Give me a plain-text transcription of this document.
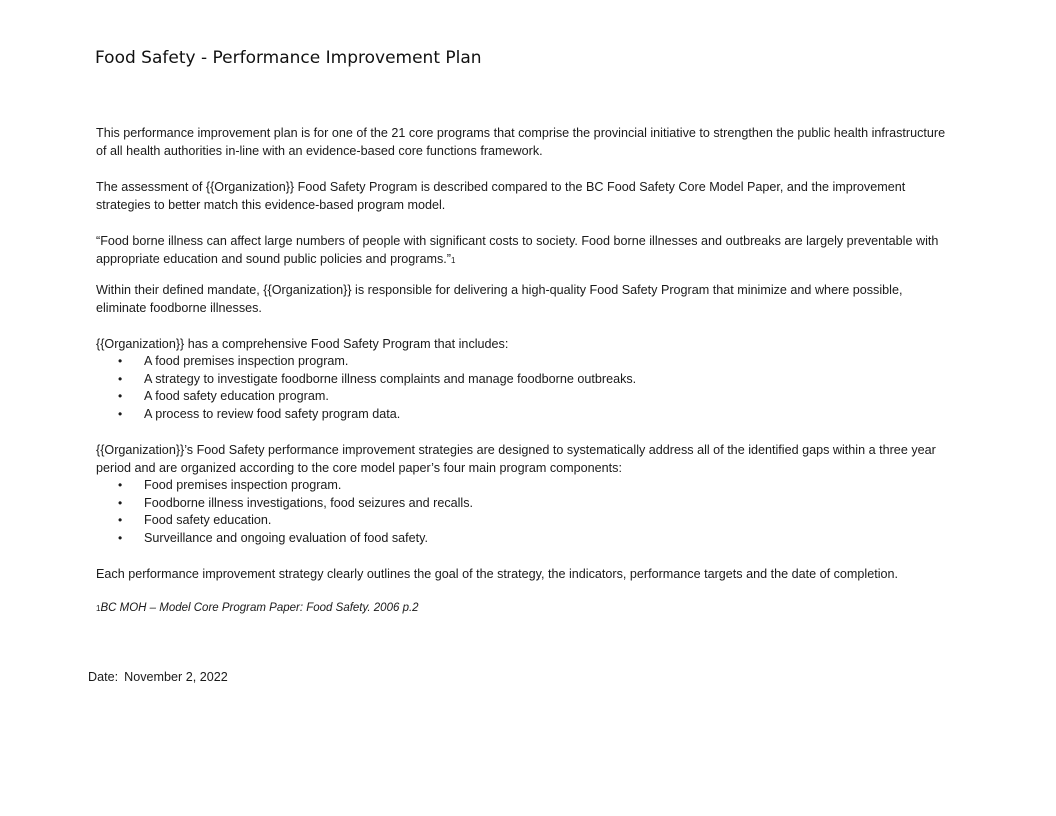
Food Safety - Performance Improvement Plan

This performance improvement plan is for one of the 21 core programs that comprise the provincial initiative to strengthen the public health infrastructure of all health authorities in-line with an evidence-based core functions framework.

The assessment of {{Organization}} Food Safety Program is described compared to the BC Food Safety Core Model Paper, and the improvement strategies to better match this evidence-based program model.

“Food borne illness can affect large numbers of people with significant costs to society. Food borne illnesses and outbreaks are largely preventable with appropriate education and sound public policies and programs.”1

Within their defined mandate, {{Organization}} is responsible for delivering a high-quality Food Safety Program that minimize and where possible, eliminate foodborne illnesses.

{{Organization}} has a comprehensive Food Safety Program that includes:

• A food premises inspection program.
• A strategy to investigate foodborne illness complaints and manage foodborne outbreaks.
• A food safety education program.
• A process to review food safety program data.

{{Organization}}’s Food Safety performance improvement strategies are designed to systematically address all of the identified gaps within a three year period and are organized according to the core model paper’s four main program components:

• Food premises inspection program.
• Foodborne illness investigations, food seizures and recalls.
• Food safety education.
• Surveillance and ongoing evaluation of food safety.

Each performance improvement strategy clearly outlines the goal of the strategy, the indicators, performance targets and the date of completion.

1BC MOH – Model Core Program Paper: Food Safety. 2006 p.2

Date: November 2, 2022
